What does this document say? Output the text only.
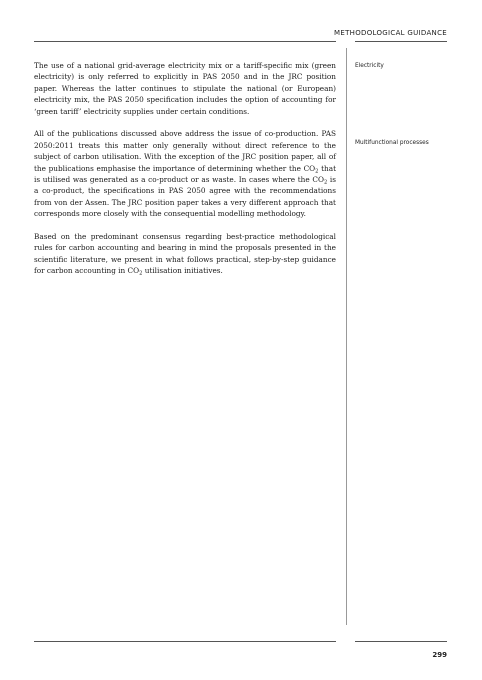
METHODOLOGICAL GUIDANCE

The use of a national grid-average electricity mix or a tariff-specific mix (green electricity) is only referred to explicitly in PAS 2050 and in the JRC position paper. Whereas the latter continues to stipulate the national (or European) electricity mix, the PAS 2050 specification includes the option of accounting for ‘green tariff’ electricity supplies under certain conditions.

All of the publications discussed above address the issue of co-production. PAS 2050:2011 treats this matter only generally without direct reference to the subject of carbon utilisation. With the exception of the JRC position paper, all of the publications emphasise the importance of determining whether the $CO_2$ that is utilised was generated as a co-product or as waste. In cases where the $CO_2$ is a co-product, the specifications in PAS 2050 agree with the recommendations from von der Assen. The JRC position paper takes a very different approach that corresponds more closely with the consequential modelling methodology.

Based on the predominant consensus regarding best-practice methodological rules for carbon accounting and bearing in mind the proposals presented in the scientific literature, we present in what follows practical, step-by-step guidance for carbon accounting in $CO_2$ utilisation initiatives.

Electricity
Multifunctional processes
299
